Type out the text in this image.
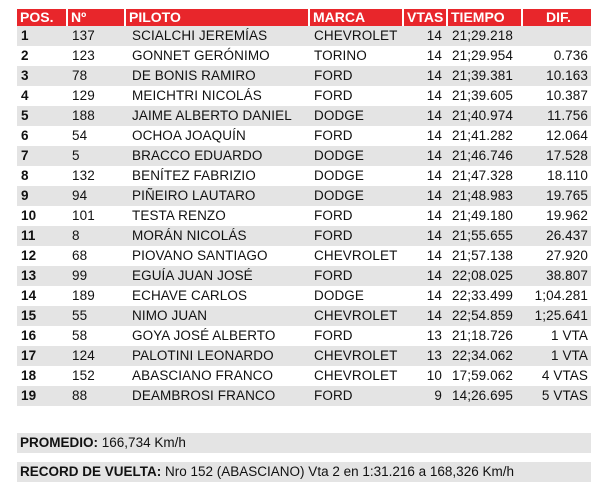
POS.	Nº	PILOTO	MARCA	VTAS	TIEMPO	DIF.
1	137	SCIALCHI JEREMÍAS	CHEVROLET	14	21;29.218	
2	123	GONNET GERÓNIMO	TORINO	14	21;29.954	0.736
3	78	DE BONIS RAMIRO	FORD	14	21;39.381	10.163
4	129	MEICHTRI NICOLÁS	FORD	14	21;39.605	10.387
5	188	JAIME ALBERTO DANIEL	DODGE	14	21;40.974	11.756
6	54	OCHOA JOAQUÍN	FORD	14	21;41.282	12.064
7	5	BRACCO EDUARDO	DODGE	14	21;46.746	17.528
8	132	BENÍTEZ FABRIZIO	DODGE	14	21;47.328	18.110
9	94	PIÑEIRO LAUTARO	DODGE	14	21;48.983	19.765
10	101	TESTA RENZO	FORD	14	21;49.180	19.962
11	8	MORÁN NICOLÁS	FORD	14	21;55.655	26.437
12	68	PIOVANO SANTIAGO	CHEVROLET	14	21;57.138	27.920
13	99	EGUÍA JUAN JOSÉ	FORD	14	22;08.025	38.807
14	189	ECHAVE CARLOS	DODGE	14	22;33.499	1;04.281
15	55	NIMO JUAN	CHEVROLET	14	22;54.859	1;25.641
16	58	GOYA JOSÉ ALBERTO	FORD	13	21;18.726	1 VTA
17	124	PALOTINI LEONARDO	CHEVROLET	13	22;34.062	1 VTA
18	152	ABASCIANO FRANCO	CHEVROLET	10	17;59.062	4 VTAS
19	88	DEAMBROSI FRANCO	FORD	9	14;26.695	5 VTAS
PROMEDIO: 166,734 Km/h
RECORD DE VUELTA: Nro 152 (ABASCIANO) Vta 2 en 1:31.216 a 168,326 Km/h
